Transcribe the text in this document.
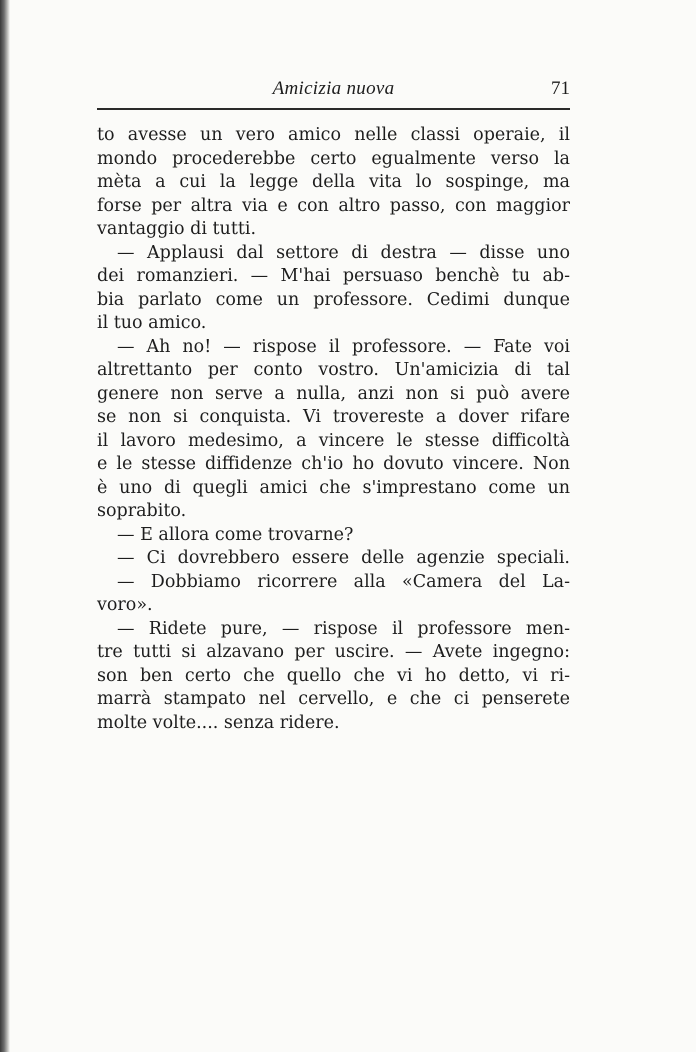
Amicizia nuova	71
to avesse un vero amico nelle classi operaie, il
mondo procederebbe certo egualmente verso la
mèta a cui la legge della vita lo sospinge, ma
forse per altra via e con altro passo, con maggior
vantaggio di tutti.
— Applausi dal settore di destra — disse uno
dei romanzieri. — M'hai persuaso benchè tu ab-
bia parlato come un professore. Cedimi dunque
il tuo amico.
— Ah no! — rispose il professore. — Fate voi
altrettanto per conto vostro. Un'amicizia di tal
genere non serve a nulla, anzi non si può avere
se non si conquista. Vi trovereste a dover rifare
il lavoro medesimo, a vincere le stesse difficoltà
e le stesse diffidenze ch'io ho dovuto vincere. Non
è uno di quegli amici che s'imprestano come un
soprabito.
— E allora come trovarne?
— Ci dovrebbero essere delle agenzie speciali.
— Dobbiamo ricorrere alla «Camera del La-
voro».
— Ridete pure, — rispose il professore men-
tre tutti si alzavano per uscire. — Avete ingegno:
son ben certo che quello che vi ho detto, vi ri-
marrà stampato nel cervello, e che ci penserete
molte volte.... senza ridere.
